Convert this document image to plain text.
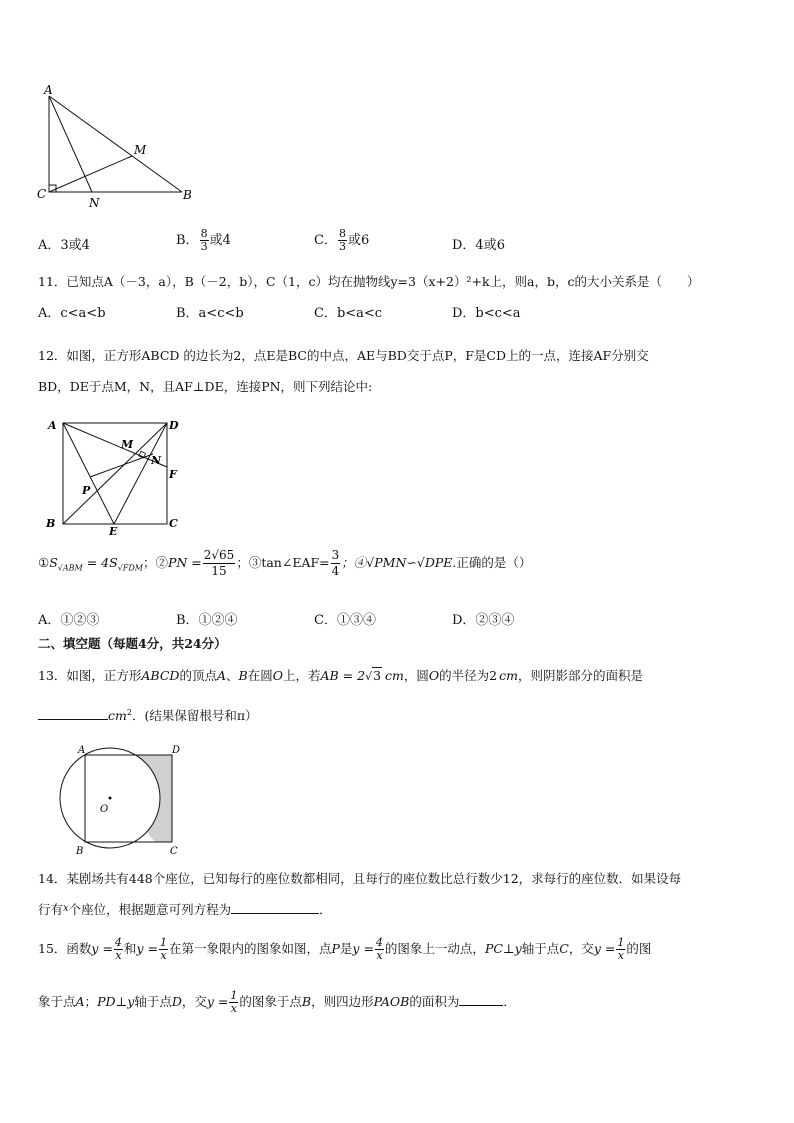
A
M
C
N
B
A．3或4	B． $\frac{8}{3}$ 或4	C． $\frac{8}{3}$ 或6	D．4或6
11．已知点A（－3，a），B（－2，b），C（1，c）均在抛物线y=3（x+2）²+k上，则a，b，c的大小关系是（　　）
A．c<a<b	B．a<c<b	C．b<a<c	D．b<c<a
12．如图，正方形ABCD 的边长为2，点E是BC的中点，AE与BD交于点P，F是CD上的一点，连接AF分别交
BD，DE于点M，N，且AF⊥DE，连接PN，则下列结论中:
A	D
M
N
F
P
B
E
C
$①S_{√ABM} = 4S_{√FDM}$；②PN = $\frac{2√65}{15}$ ；③tan∠EAF= $\frac{3}{4}$ ；④√PMN∽√DPE.正确的是（）
A．①②③	B．①②④	C．①③④	D．②③④
二、填空题（每题4分，共24分）
13．如图，正方形ABCD的顶点A、B在圆O上，若AB = 2√3 cm，圆O的半径为2 cm，则阴影部分的面积是
$cm^2$．(结果保留根号和π）
A	D
O
B	C
14．某剧场共有448个座位，已知每行的座位数都相同，且每行的座位数比总行数少12，求每行的座位数．如果设每
行有$^x$个座位，根据题意可列方程为	．
15．函数$y = \frac{4}{x}$ 和$y = \frac{1}{x}$ 在第一象限内的图象如图，点P是$y = \frac{4}{x}$ 的图象上一动点，PC⊥y轴于点C，交$y = \frac{1}{x}$ 的图
象于点A；PD⊥y轴于点D，交$y = \frac{1}{x}$ 的图象于点B，则四边形PAOB的面积为	．
